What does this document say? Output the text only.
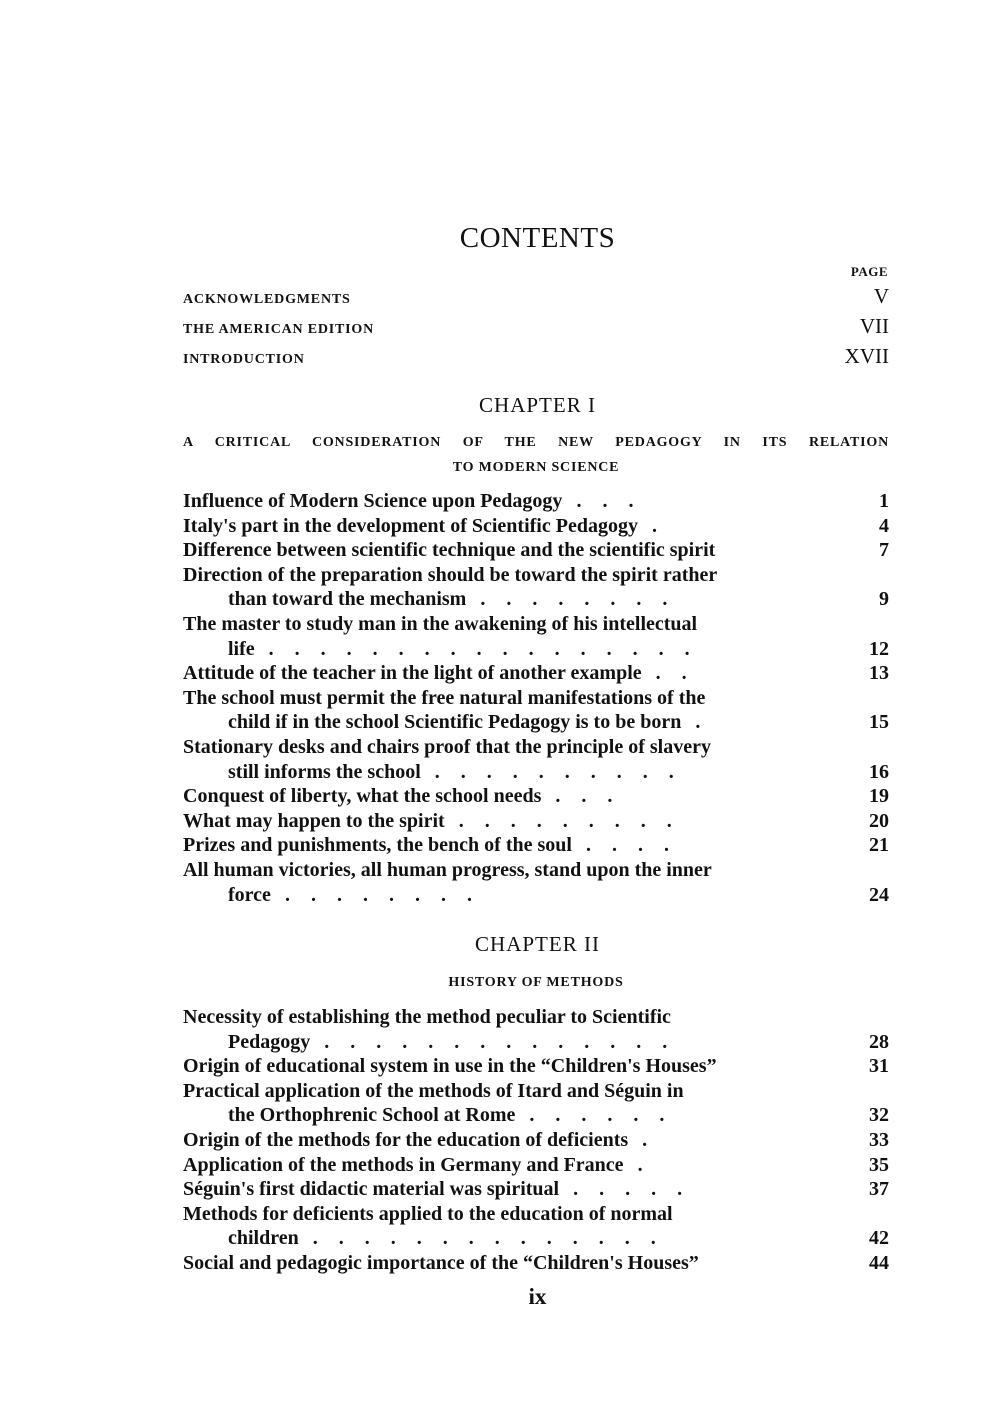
CONTENTS
PAGE
ACKNOWLEDGMENTS	V
THE AMERICAN EDITION	VII
INTRODUCTION	XVII
CHAPTER I
A CRITICAL CONSIDERATION OF THE NEW PEDAGOGY IN ITS RELATION
TO MODERN SCIENCE
Influence of Modern Science upon Pedagogy . . .	1
Italy's part in the development of Scientific Pedagogy .	4
Difference between scientific technique and the scientific spirit	7
Direction of the preparation should be toward the spirit rather
than toward the mechanism . . . . . . . .	9
The master to study man in the awakening of his intellectual
life . . . . . . . . . . . . . . . . .	12
Attitude of the teacher in the light of another example . .	13
The school must permit the free natural manifestations of the
child if in the school Scientific Pedagogy is to be born .	15
Stationary desks and chairs proof that the principle of slavery
still informs the school . . . . . . . . . .	16
Conquest of liberty, what the school needs . . .	19
What may happen to the spirit . . . . . . . . .	20
Prizes and punishments, the bench of the soul . . . .	21
All human victories, all human progress, stand upon the inner
force . . . . . . . .	24
CHAPTER II
HISTORY OF METHODS
Necessity of establishing the method peculiar to Scientific
Pedagogy . . . . . . . . . . . . . .	28
Origin of educational system in use in the “Children's Houses”	31
Practical application of the methods of Itard and Séguin in
the Orthophrenic School at Rome . . . . . .	32
Origin of the methods for the education of deficients .	33
Application of the methods in Germany and France .	35
Séguin's first didactic material was spiritual . . . . .	37
Methods for deficients applied to the education of normal
children . . . . . . . . . . . . . .	42
Social and pedagogic importance of the “Children's Houses”	44
ix
